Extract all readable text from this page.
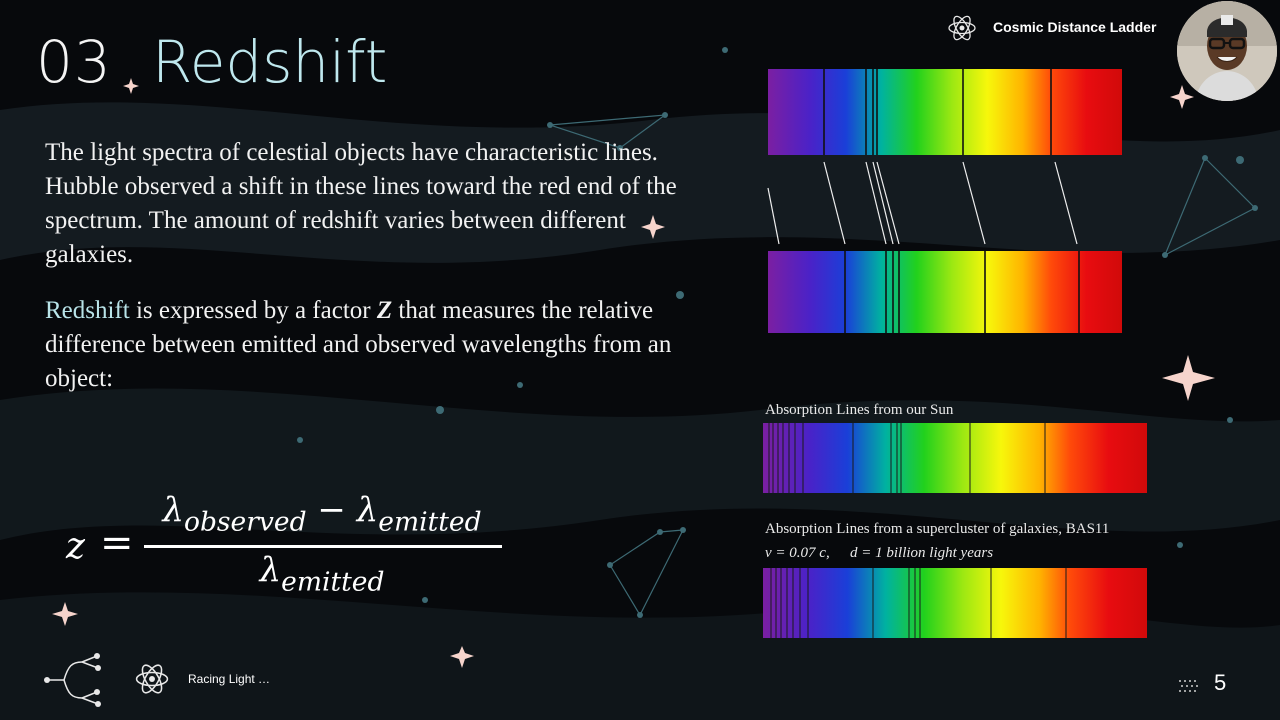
03 Redshift
The light spectra of celestial objects have characteristic lines. Hubble observed a shift in these lines toward the red end of the spectrum. The amount of redshift varies between different galaxies.
Redshift is expressed by a factor Z that measures the relative difference between emitted and observed wavelengths from an object:
z =
$\lambda_{observed} - \lambda_{emitted}$
$\lambda_{emitted}$
Cosmic Distance Ladder
Absorption Lines from our Sun
Absorption Lines from a supercluster of galaxies, BAS11
v = 0.07 c, d = 1 billion light years
Racing Light …	5
